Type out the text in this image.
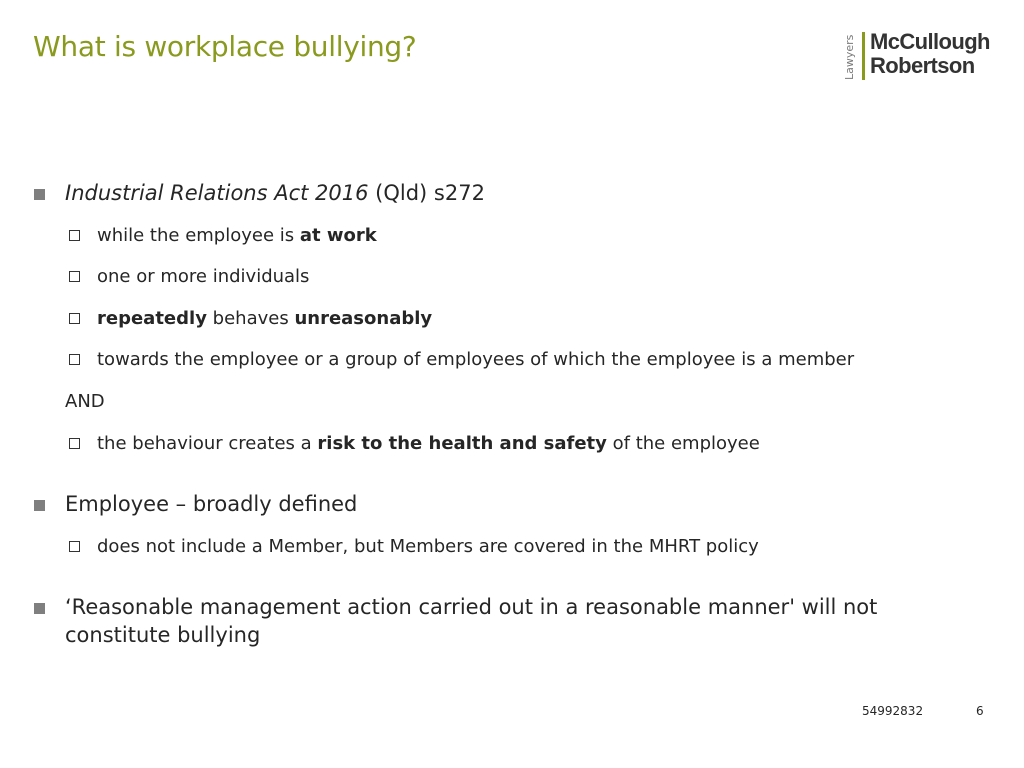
What is workplace bullying?	Lawyers McCullough
Robertson
Industrial Relations Act 2016 (Qld) s272
while the employee is at work
one or more individuals
repeatedly behaves unreasonably
towards the employee or a group of employees of which the employee is a member
AND
the behaviour creates a risk to the health and safety of the employee
Employee – broadly defined
does not include a Member, but Members are covered in the MHRT policy
‘Reasonable management action carried out in a reasonable manner' will not constitute bullying
54992832	6
